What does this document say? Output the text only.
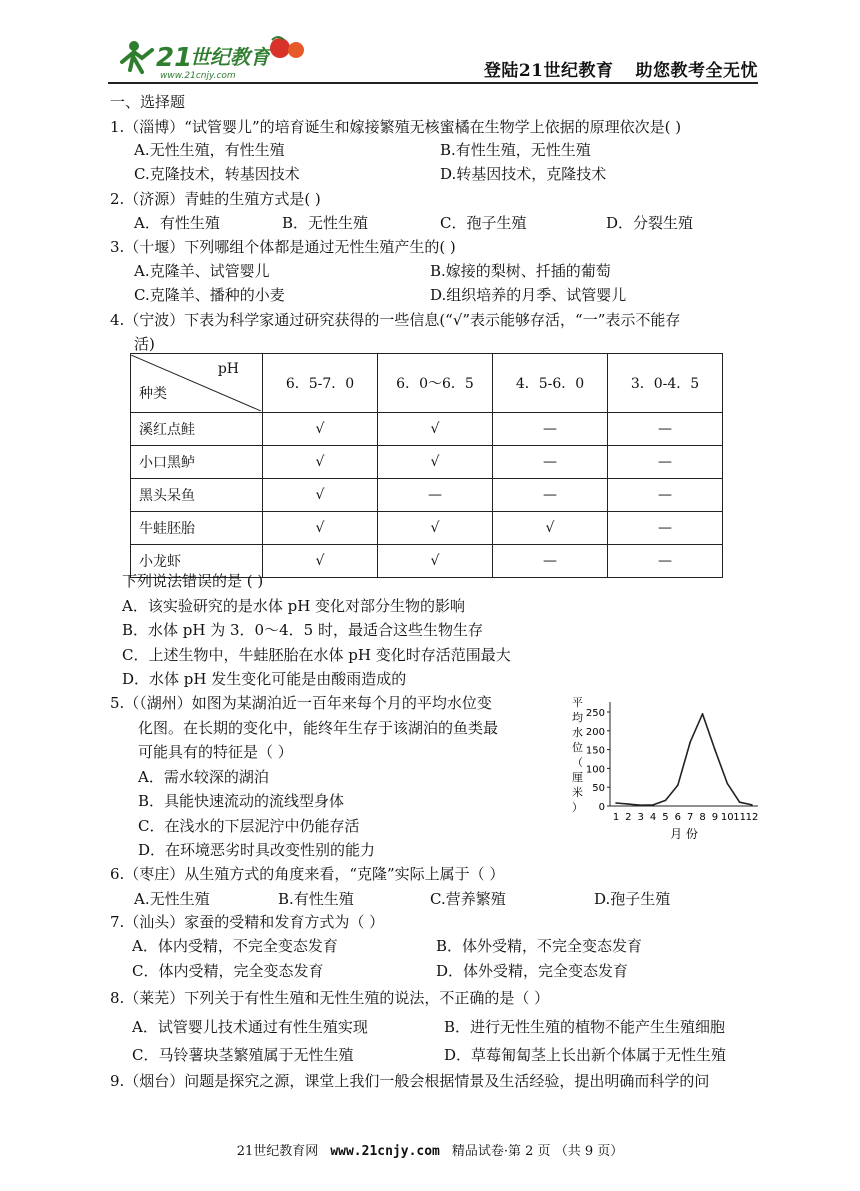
21
世纪教育
www.21cnjy.com	登陆21世纪教育 助您教考全无忧
一、选择题
1.（淄博）“试管婴儿”的培育诞生和嫁接繁殖无核蜜橘在生物学上依据的原理依次是( )
A.无性生殖，有性生殖	B.有性生殖，无性生殖
C.克隆技术，转基因技术	D.转基因技术，克隆技术
2.（济源）青蛙的生殖方式是( )
A．有性生殖	B．无性生殖	C．孢子生殖	D．分裂生殖
3.（十堰）下列哪组个体都是通过无性生殖产生的( )
A.克隆羊、试管婴儿	B.嫁接的梨树、扦插的葡萄
C.克隆羊、播种的小麦	D.组织培养的月季、试管婴儿
4.（宁波）下表为科学家通过研究获得的一些信息(“√”表示能够存活，“一”表示不能存
活)
pH
种类	6．5-7．0	6．0～6．5	4．5-6．0	3．0-4．5
溪红点鲑	√	√	—	—
小口黑鲈	√	√	—	—
黑头呆鱼	√	—	—	—
牛蛙胚胎	√	√	√	—
小龙虾	√	√	—	—
下列说法错误的是 ( )
A．该实验研究的是水体 pH 变化对部分生物的影响
B．水体 pH 为 3．0～4．5 时，最适合这些生物生存
C．上述生物中，牛蛙胚胎在水体 pH 变化时存活范围最大
D．水体 pH 发生变化可能是由酸雨造成的
5.（（湖州）如图为某湖泊近一百年来每个月的平均水位变
化图。在长期的变化中，能终年生存于该湖泊的鱼类最
可能具有的特征是（ ）
A．需水较深的湖泊
B．具能快速流动的流线型身体
C．在浅水的下层泥泞中仍能存活
D．在环境恶劣时具改变性别的能力
平
均
水
位
（
厘
米
） 0
50
100
150
200
250
1 2 3 4 5 6 7 8 9 10 11 12
月 份
6.（枣庄）从生殖方式的角度来看，“克隆”实际上属于（ ）
A.无性生殖	B.有性生殖	C.营养繁殖	D.孢子生殖
7.（汕头）家蚕的受精和发育方式为（ ）
A．体内受精，不完全变态发育	B．体外受精，不完全变态发育
C．体内受精，完全变态发育	D．体外受精，完全变态发育
8.（莱芜）下列关于有性生殖和无性生殖的说法，不正确的是（ ）
A．试管婴儿技术通过有性生殖实现	B．进行无性生殖的植物不能产生生殖细胞
C．马铃薯块茎繁殖属于无性生殖	D．草莓匍匐茎上长出新个体属于无性生殖
9.（烟台）问题是探究之源，课堂上我们一般会根据情景及生活经验，提出明确而科学的问
21世纪教育网 www.21cnjy.com 精品试卷·第 2 页 （共 9 页）
